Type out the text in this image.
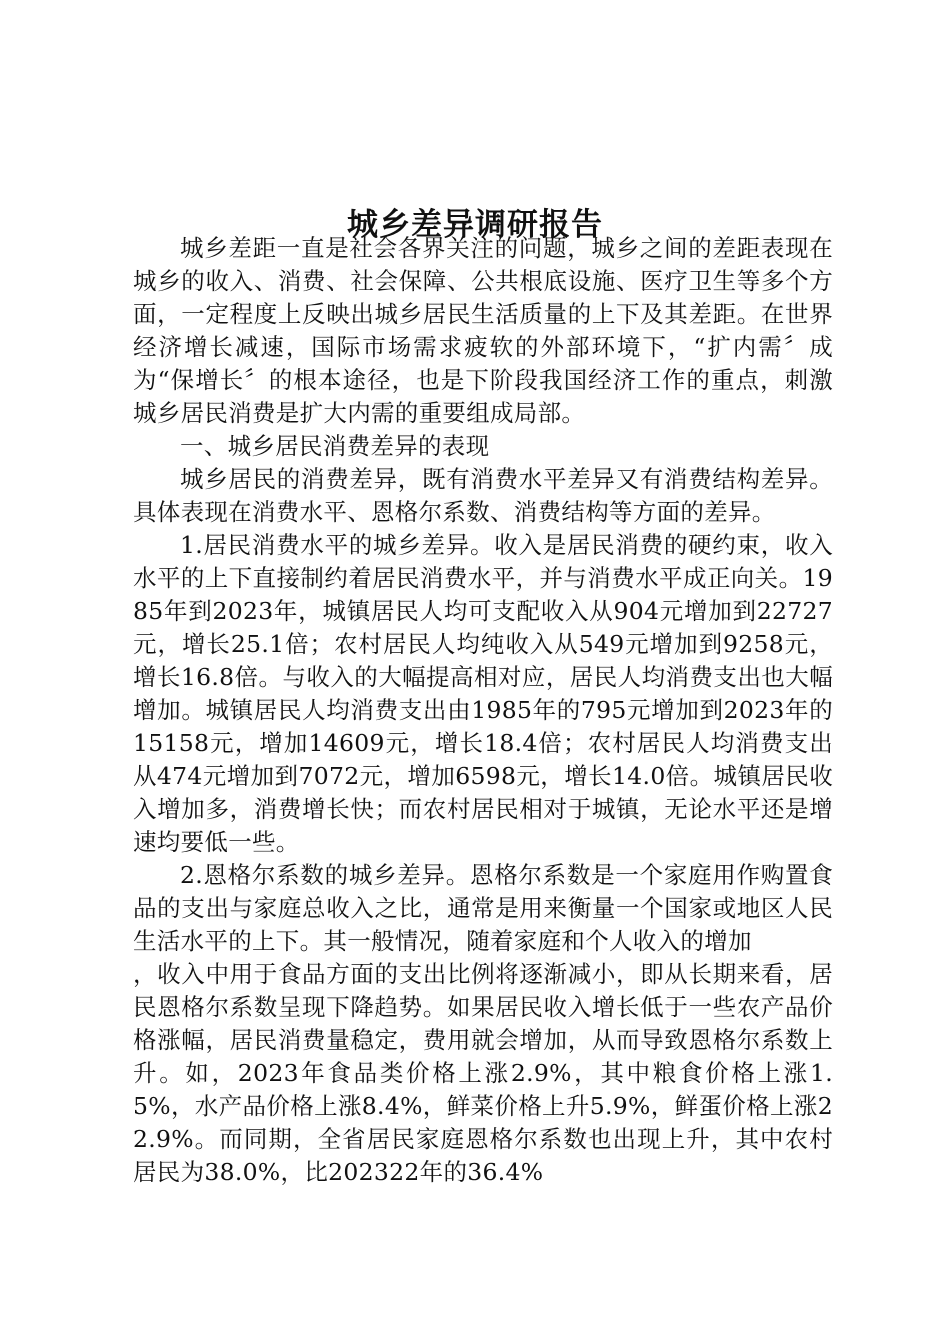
城乡差异调研报告

城乡差距一直是社会各界关注的问题，城乡之间的差距表现在城乡的收入、消费、社会保障、公共根底设施、医疗卫生等多个方面，一定程度上反映出城乡居民生活质量的上下及其差距。在世界经济增长减速，国际市场需求疲软的外部环境下，“扩内需〞成为“保增长〞的根本途径，也是下阶段我国经济工作的重点，刺激城乡居民消费是扩大内需的重要组成局部。

一、城乡居民消费差异的表现

城乡居民的消费差异，既有消费水平差异又有消费结构差异。具体表现在消费水平、恩格尔系数、消费结构等方面的差异。

1.居民消费水平的城乡差异。收入是居民消费的硬约束，收入水平的上下直接制约着居民消费水平，并与消费水平成正向关。1985年到2023年，城镇居民人均可支配收入从904元增加到22727元，增长25.1倍；农村居民人均纯收入从549元增加到9258元，增长16.8倍。与收入的大幅提高相对应，居民人均消费支出也大幅增加。城镇居民人均消费支出由1985年的795元增加到2023年的15158元，增加14609元，增长18.4倍；农村居民人均消费支出从474元增加到7072元，增加6598元，增长14.0倍。城镇居民收入增加多，消费增长快；而农村居民相对于城镇，无论水平还是增速均要低一些。

2.恩格尔系数的城乡差异。恩格尔系数是一个家庭用作购置食品的支出与家庭总收入之比，通常是用来衡量一个国家或地区人民生活水平的上下。其一般情况，随着家庭和个人收入的增加

，收入中用于食品方面的支出比例将逐渐减小，即从长期来看，居民恩格尔系数呈现下降趋势。如果居民收入增长低于一些农产品价格涨幅，居民消费量稳定，费用就会增加，从而导致恩格尔系数上升。如，2023年食品类价格上涨2.9%，其中粮食价格上涨1.5%，水产品价格上涨8.4%，鲜菜价格上升5.9%，鲜蛋价格上涨22.9%。而同期，全省居民家庭恩格尔系数也出现上升，其中农村居民为38.0%，比202322年的36.4%
